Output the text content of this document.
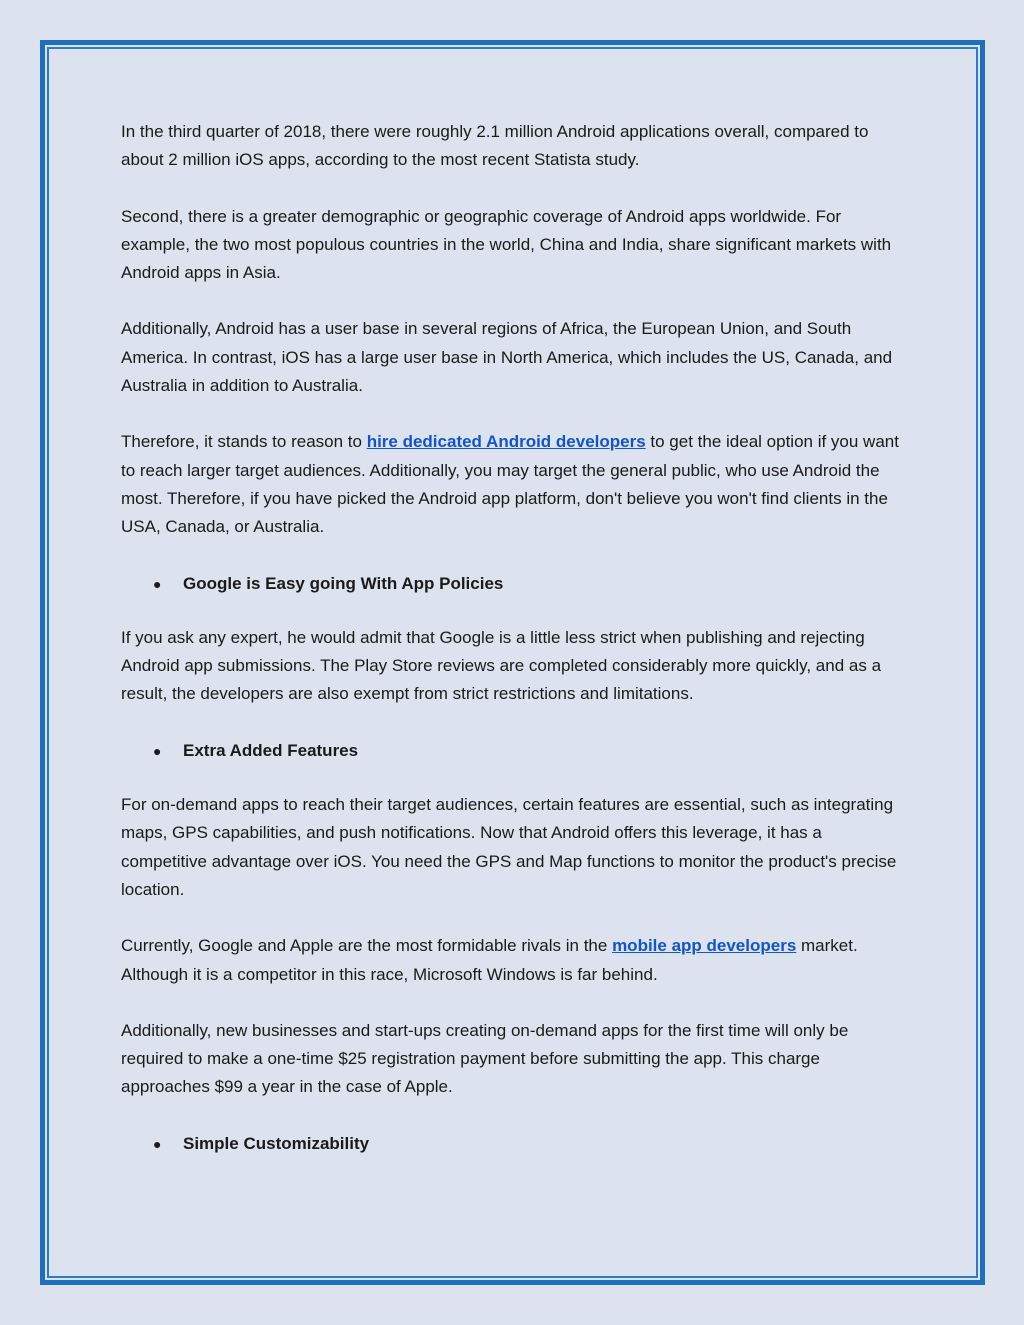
In the third quarter of 2018, there were roughly 2.1 million Android applications overall, compared to about 2 million iOS apps, according to the most recent Statista study.

Second, there is a greater demographic or geographic coverage of Android apps worldwide. For example, the two most populous countries in the world, China and India, share significant markets with Android apps in Asia.

Additionally, Android has a user base in several regions of Africa, the European Union, and South America. In contrast, iOS has a large user base in North America, which includes the US, Canada, and Australia in addition to Australia.

Therefore, it stands to reason to hire dedicated Android developers to get the ideal option if you want to reach larger target audiences. Additionally, you may target the general public, who use Android the most. Therefore, if you have picked the Android app platform, don't believe you won't find clients in the USA, Canada, or Australia.

●	Google is Easy going With App Policies

If you ask any expert, he would admit that Google is a little less strict when publishing and rejecting Android app submissions. The Play Store reviews are completed considerably more quickly, and as a result, the developers are also exempt from strict restrictions and limitations.

●	Extra Added Features

For on-demand apps to reach their target audiences, certain features are essential, such as integrating maps, GPS capabilities, and push notifications. Now that Android offers this leverage, it has a competitive advantage over iOS. You need the GPS and Map functions to monitor the product's precise location.

Currently, Google and Apple are the most formidable rivals in the mobile app developers market. Although it is a competitor in this race, Microsoft Windows is far behind.

Additionally, new businesses and start-ups creating on-demand apps for the first time will only be required to make a one-time $25 registration payment before submitting the app. This charge approaches $99 a year in the case of Apple.

●	Simple Customizability
